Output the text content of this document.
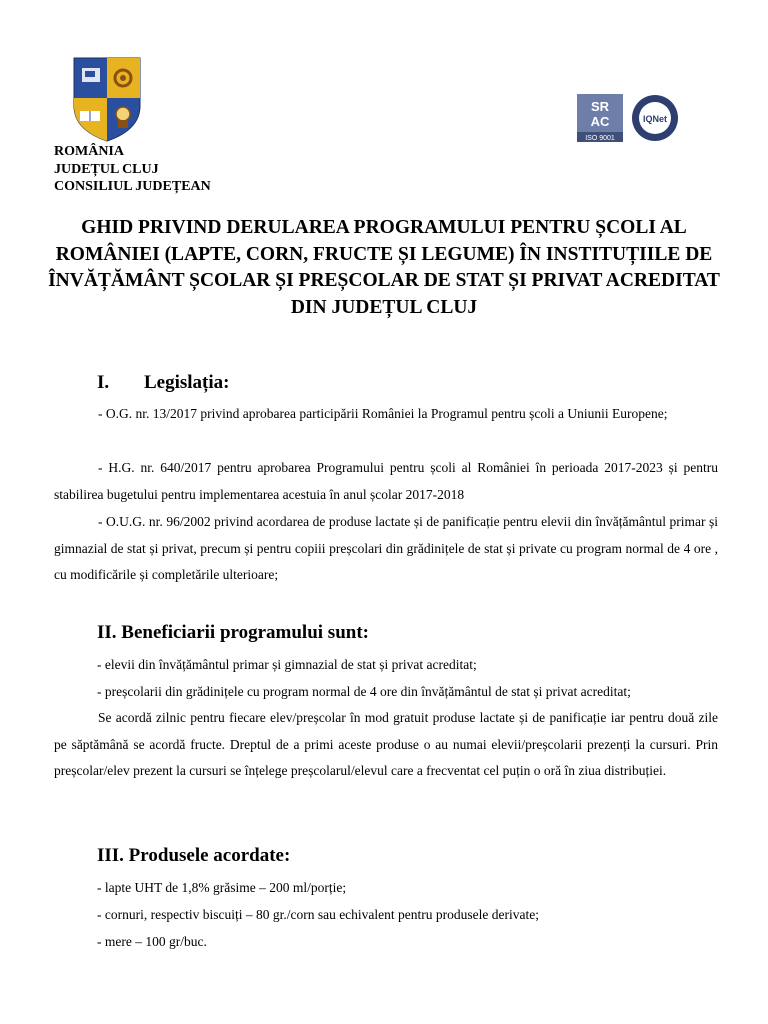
SR
AC
ISO 9001
IQNet
ROMÂNIA
JUDEȚUL CLUJ
CONSILIUL JUDEȚEAN
GHID PRIVIND DERULAREA PROGRAMULUI PENTRU ȘCOLI AL ROMÂNIEI (LAPTE, CORN, FRUCTE ȘI LEGUME) ÎN INSTITUȚIILE DE ÎNVĂȚĂMÂNT ȘCOLAR ȘI PREȘCOLAR DE STAT ȘI PRIVAT ACREDITAT DIN JUDEȚUL CLUJ
I. Legislația:
- O.G. nr. 13/2017 privind aprobarea participării României la Programul pentru școli a Uniunii Europene;
- H.G. nr. 640/2017 pentru aprobarea Programului pentru școli al României în perioada 2017-2023 și pentru stabilirea bugetului pentru implementarea acestuia în anul școlar 2017-2018
- O.U.G. nr. 96/2002 privind acordarea de produse lactate și de panificație pentru elevii din învățământul primar și gimnazial de stat și privat, precum și pentru copiii preșcolari din grădinițele de stat și private cu program normal de 4 ore , cu modificările și completările ulterioare;
II. Beneficiarii programului sunt:
- elevii din învățământul primar și gimnazial de stat și privat acreditat;
- preșcolarii din grădinițele cu program normal de 4 ore din învățământul de stat și privat acreditat;
Se acordă zilnic pentru fiecare elev/preșcolar în mod gratuit produse lactate și de panificație iar pentru două zile pe săptămână se acordă fructe. Dreptul de a primi aceste produse o au numai elevii/preșcolarii prezenți la cursuri. Prin preșcolar/elev prezent la cursuri se înțelege preșcolarul/elevul care a frecventat cel puțin o oră în ziua distribuției.
III. Produsele acordate:
- lapte UHT de 1,8% grăsime – 200 ml/porție;
- cornuri, respectiv biscuiți – 80 gr./corn sau echivalent pentru produsele derivate;
- mere – 100 gr/buc.
